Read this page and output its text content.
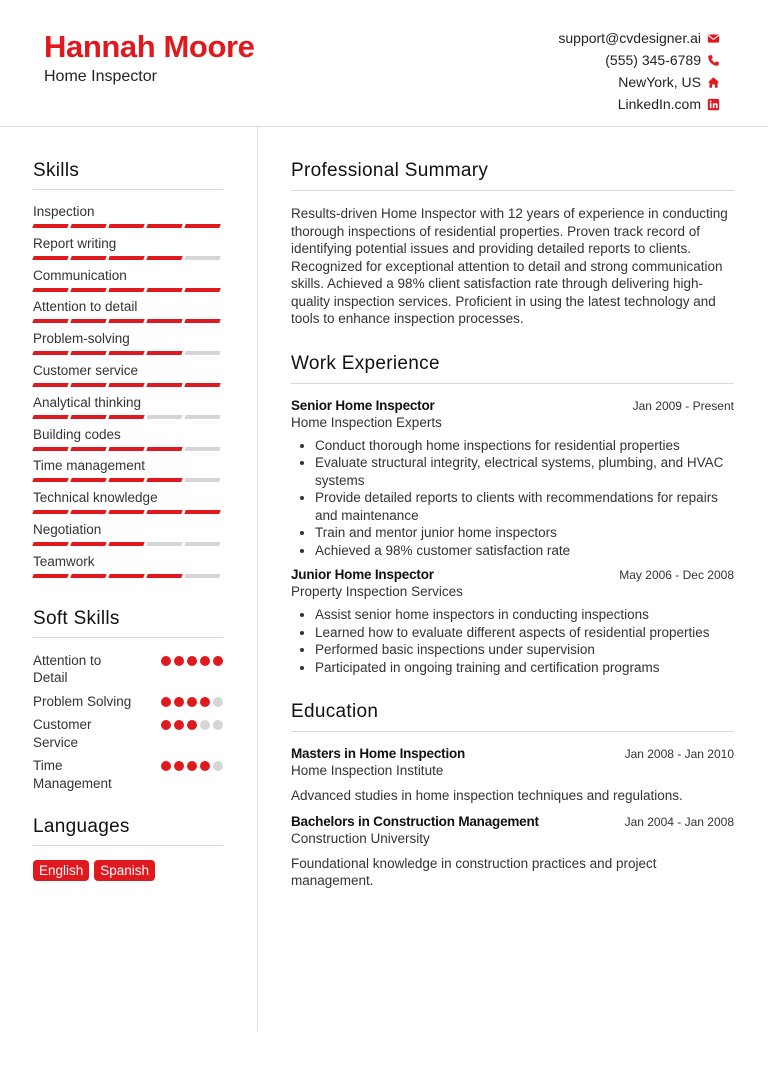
Hannah Moore
Home Inspector
support@cvdesigner.ai
(555) 345-6789
NewYork, US
LinkedIn.com
Skills
Inspection
Report writing
Communication
Attention to detail
Problem-solving
Customer service
Analytical thinking
Building codes
Time management
Technical knowledge
Negotiation
Teamwork
Soft Skills
Attention to Detail
Problem Solving
Customer Service
Time Management
Languages
English	Spanish
Professional Summary
Results-driven Home Inspector with 12 years of experience in conducting thorough inspections of residential properties. Proven track record of identifying potential issues and providing detailed reports to clients. Recognized for exceptional attention to detail and strong communication skills. Achieved a 98% client satisfaction rate through delivering high-quality inspection services. Proficient in using the latest technology and tools to enhance inspection processes.
Work Experience
Senior Home Inspector	Jan 2009 - Present
Home Inspection Experts
Conduct thorough home inspections for residential properties
Evaluate structural integrity, electrical systems, plumbing, and HVAC systems
Provide detailed reports to clients with recommendations for repairs and maintenance
Train and mentor junior home inspectors
Achieved a 98% customer satisfaction rate
Junior Home Inspector	May 2006 - Dec 2008
Property Inspection Services
Assist senior home inspectors in conducting inspections
Learned how to evaluate different aspects of residential properties
Performed basic inspections under supervision
Participated in ongoing training and certification programs
Education
Masters in Home Inspection	Jan 2008 - Jan 2010
Home Inspection Institute
Advanced studies in home inspection techniques and regulations.
Bachelors in Construction Management	Jan 2004 - Jan 2008
Construction University
Foundational knowledge in construction practices and project management.
